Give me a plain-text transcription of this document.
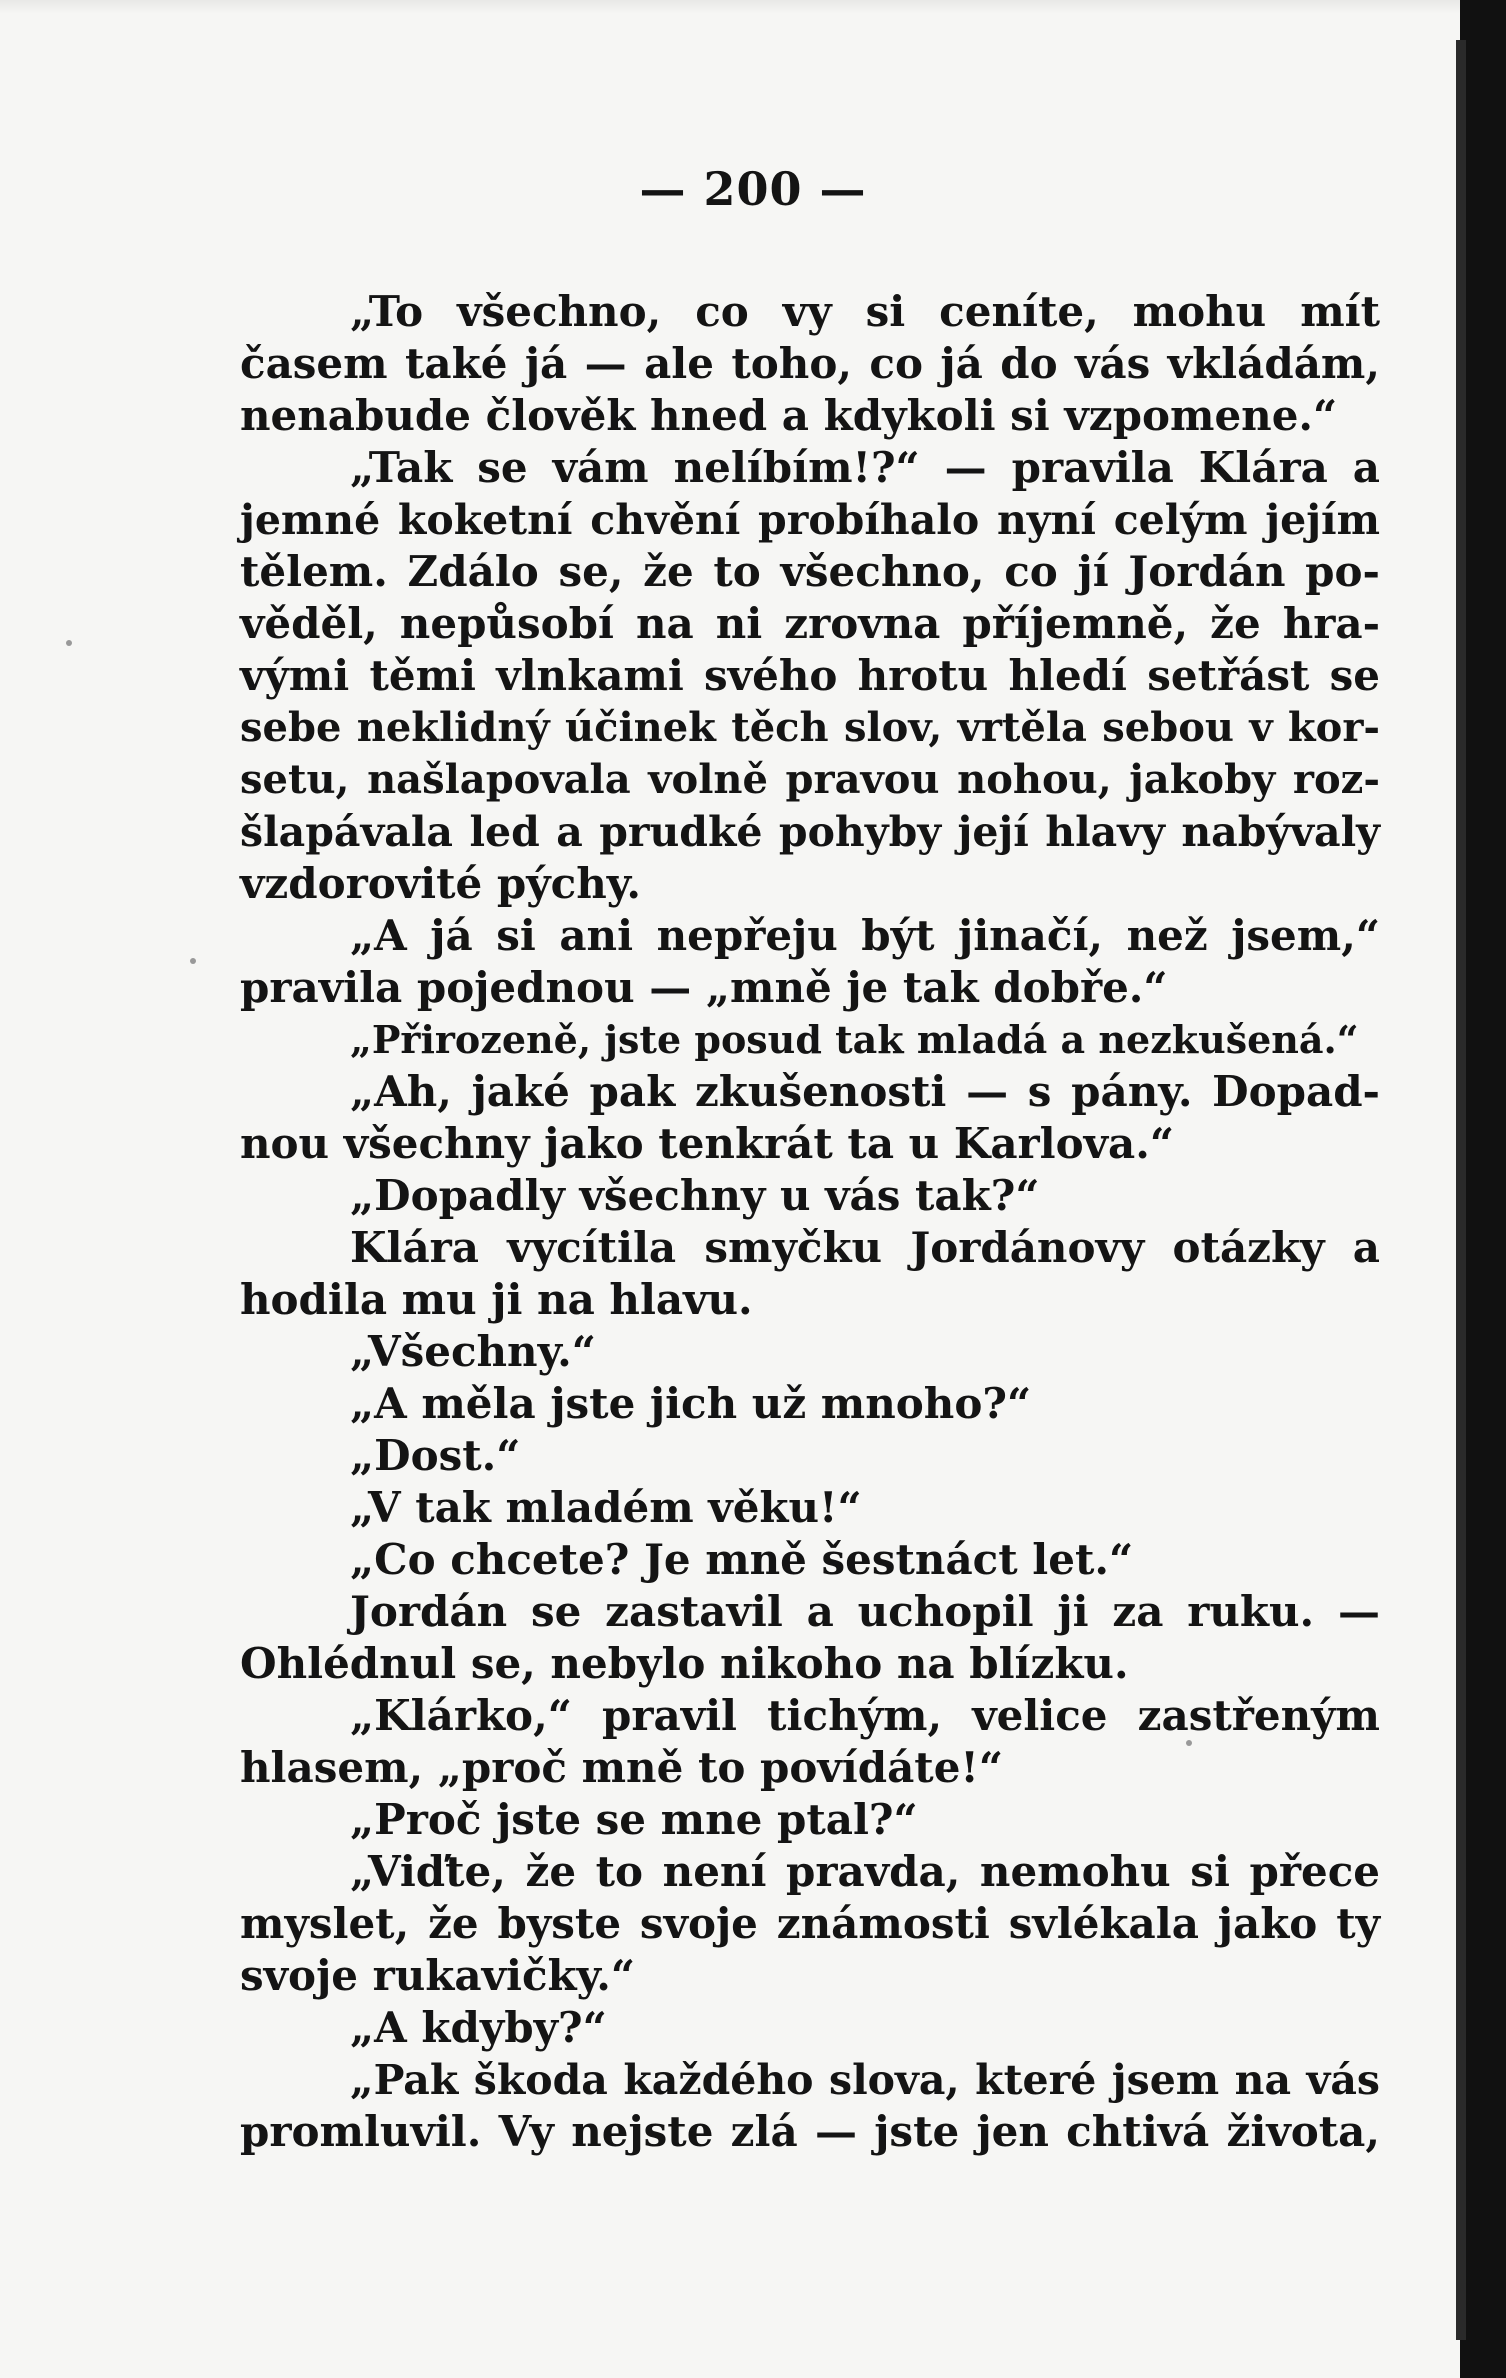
— 200 —
„To všechno, co vy si ceníte, mohu mít
časem také já — ale toho, co já do vás vkládám,
nenabude člověk hned a kdykoli si vzpomene.“
„Tak se vám nelíbím!?“ — pravila Klára a
jemné koketní chvění probíhalo nyní celým jejím
tělem. Zdálo se, že to všechno, co jí Jordán po-
věděl, nepůsobí na ni zrovna příjemně, že hra-
vými těmi vlnkami svého hrotu hledí setřást se
sebe neklidný účinek těch slov, vrtěla sebou v kor-
setu, našlapovala volně pravou nohou, jakoby roz-
šlapávala led a prudké pohyby její hlavy nabývaly
vzdorovité pýchy.
„A já si ani nepřeju být jinačí, než jsem,“
pravila pojednou — „mně je tak dobře.“
„Přirozeně, jste posud tak mladá a nezkušená.“
„Ah, jaké pak zkušenosti — s pány. Dopad-
nou všechny jako tenkrát ta u Karlova.“
„Dopadly všechny u vás tak?“
Klára vycítila smyčku Jordánovy otázky a
hodila mu ji na hlavu.
„Všechny.“
„A měla jste jich už mnoho?“
„Dost.“
„V tak mladém věku!“
„Co chcete? Je mně šestnáct let.“
Jordán se zastavil a uchopil ji za ruku. —
Ohlédnul se, nebylo nikoho na blízku.
„Klárko,“ pravil tichým, velice zastřeným
hlasem, „proč mně to povídáte!“
„Proč jste se mne ptal?“
„Viďte, že to není pravda, nemohu si přece
myslet, že byste svoje známosti svlékala jako ty
svoje rukavičky.“
„A kdyby?“
„Pak škoda každého slova, které jsem na vás
promluvil. Vy nejste zlá — jste jen chtivá života,
